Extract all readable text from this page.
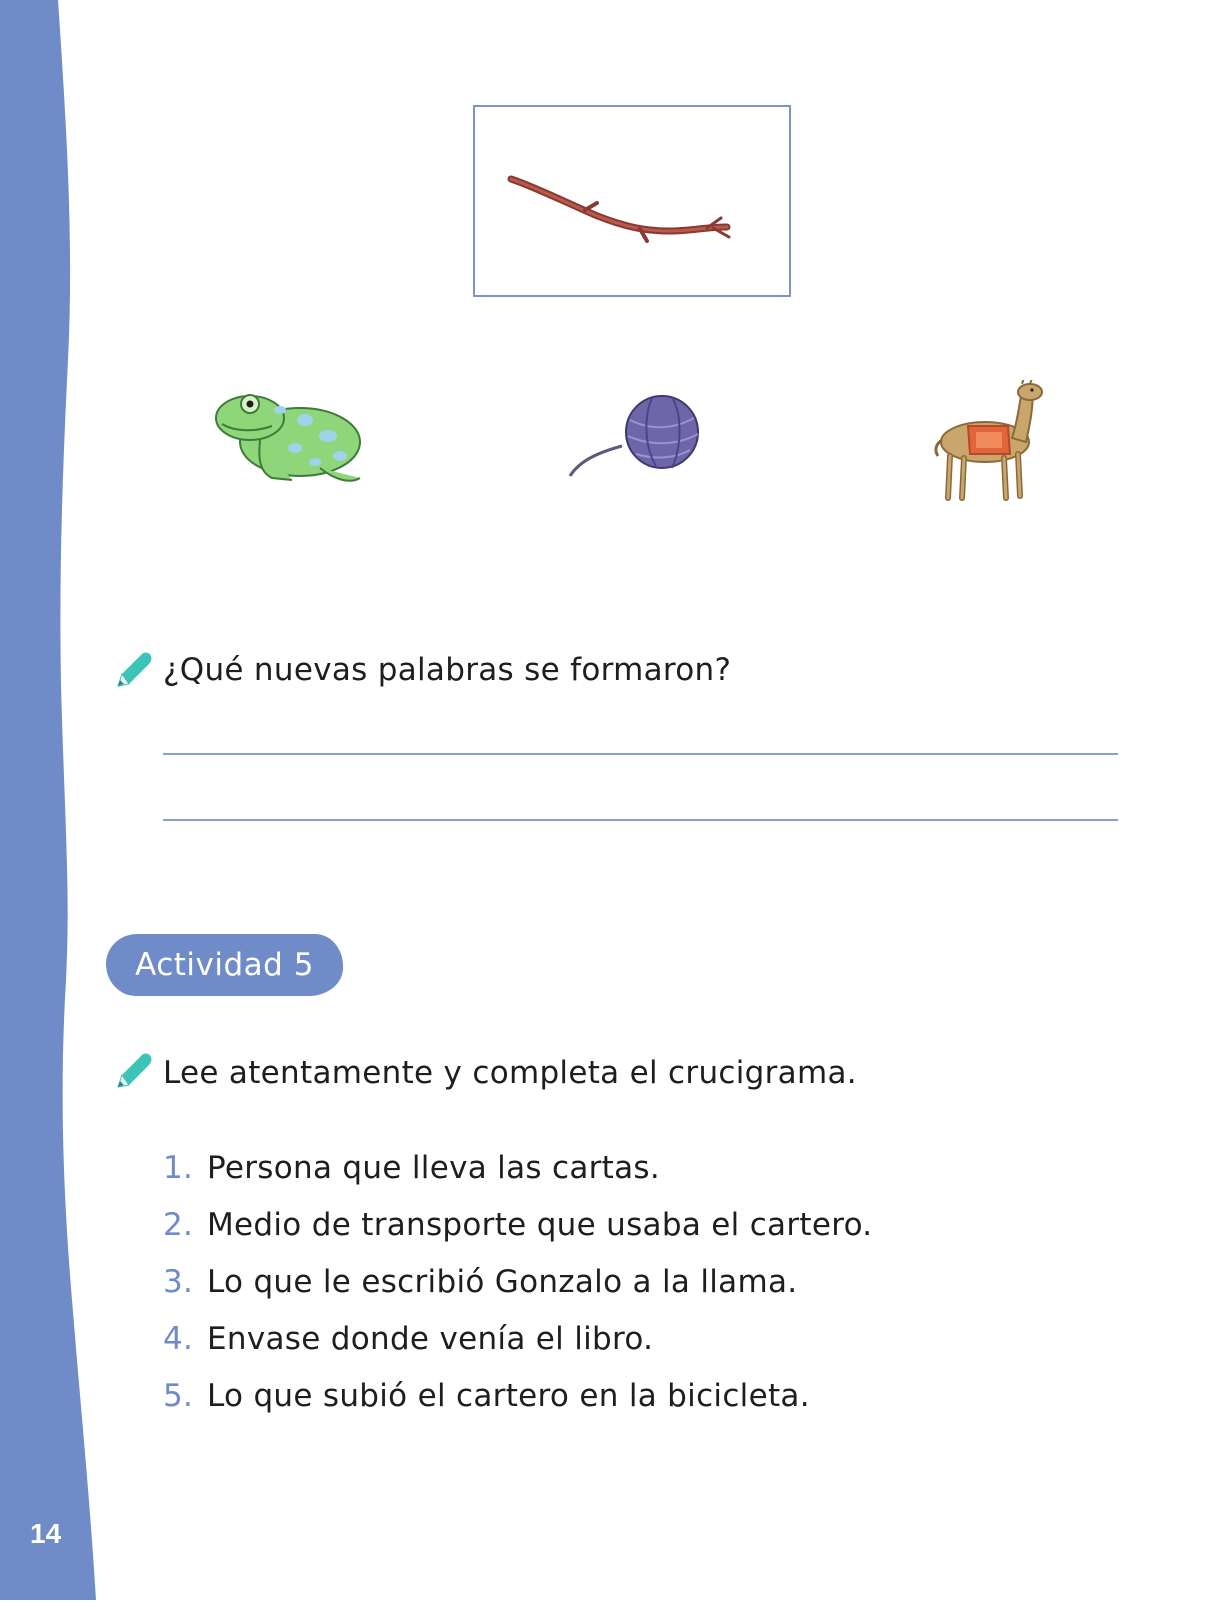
14
¿Qué nuevas palabras se formaron?
Actividad 5
Lee atentamente y completa el crucigrama.
1. Persona que lleva las cartas.
2. Medio de transporte que usaba el cartero.
3. Lo que le escribió Gonzalo a la llama.
4. Envase donde venía el libro.
5. Lo que subió el cartero en la bicicleta.
